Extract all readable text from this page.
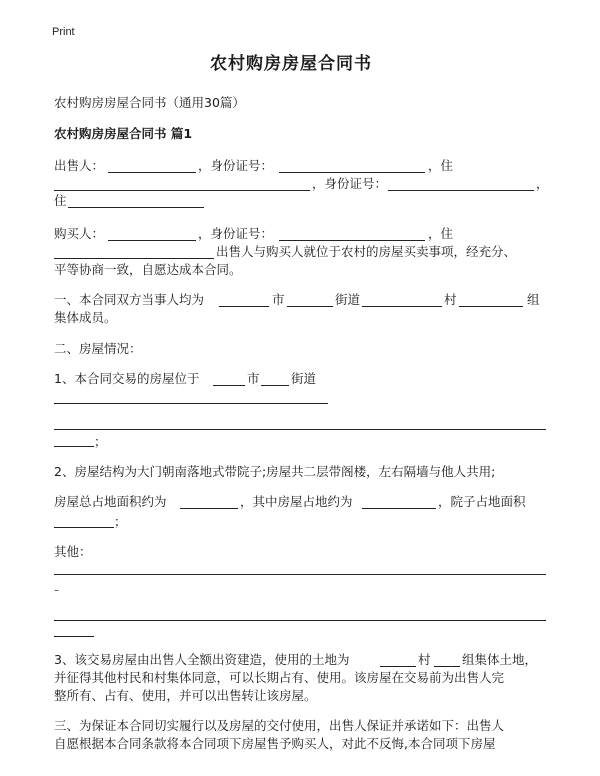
Print
农村购房房屋合同书
农村购房房屋合同书（通用30篇）
农村购房房屋合同书 篇1
出售人：	，身份证号：	，住
，身份证号：	，
住
购买人：	，身份证号：	，住
出售人与购买人就位于农村的房屋买卖事项，经充分、
平等协商一致，自愿达成本合同。
一、本合同双方当事人均为	市	街道	村	组
集体成员。
二、房屋情况：
1、本合同交易的房屋位于	市	街道
；
2、房屋结构为大门朝南落地式带院子;房屋共二层带阁楼，左右隔墙与他人共用;
房屋总占地面积约为	，其中房屋占地约为	，院子占地面积
；
其他：
–
3、该交易房屋由出售人全额出资建造，使用的土地为	村	组集体土地，
并征得其他村民和村集体同意，可以长期占有、使用。该房屋在交易前为出售人完
整所有、占有、使用，并可以出售转让该房屋。
三、为保证本合同切实履行以及房屋的交付使用，出售人保证并承诺如下：出售人
自愿根据本合同条款将本合同项下房屋售予购买人，对此不反悔,本合同项下房屋
